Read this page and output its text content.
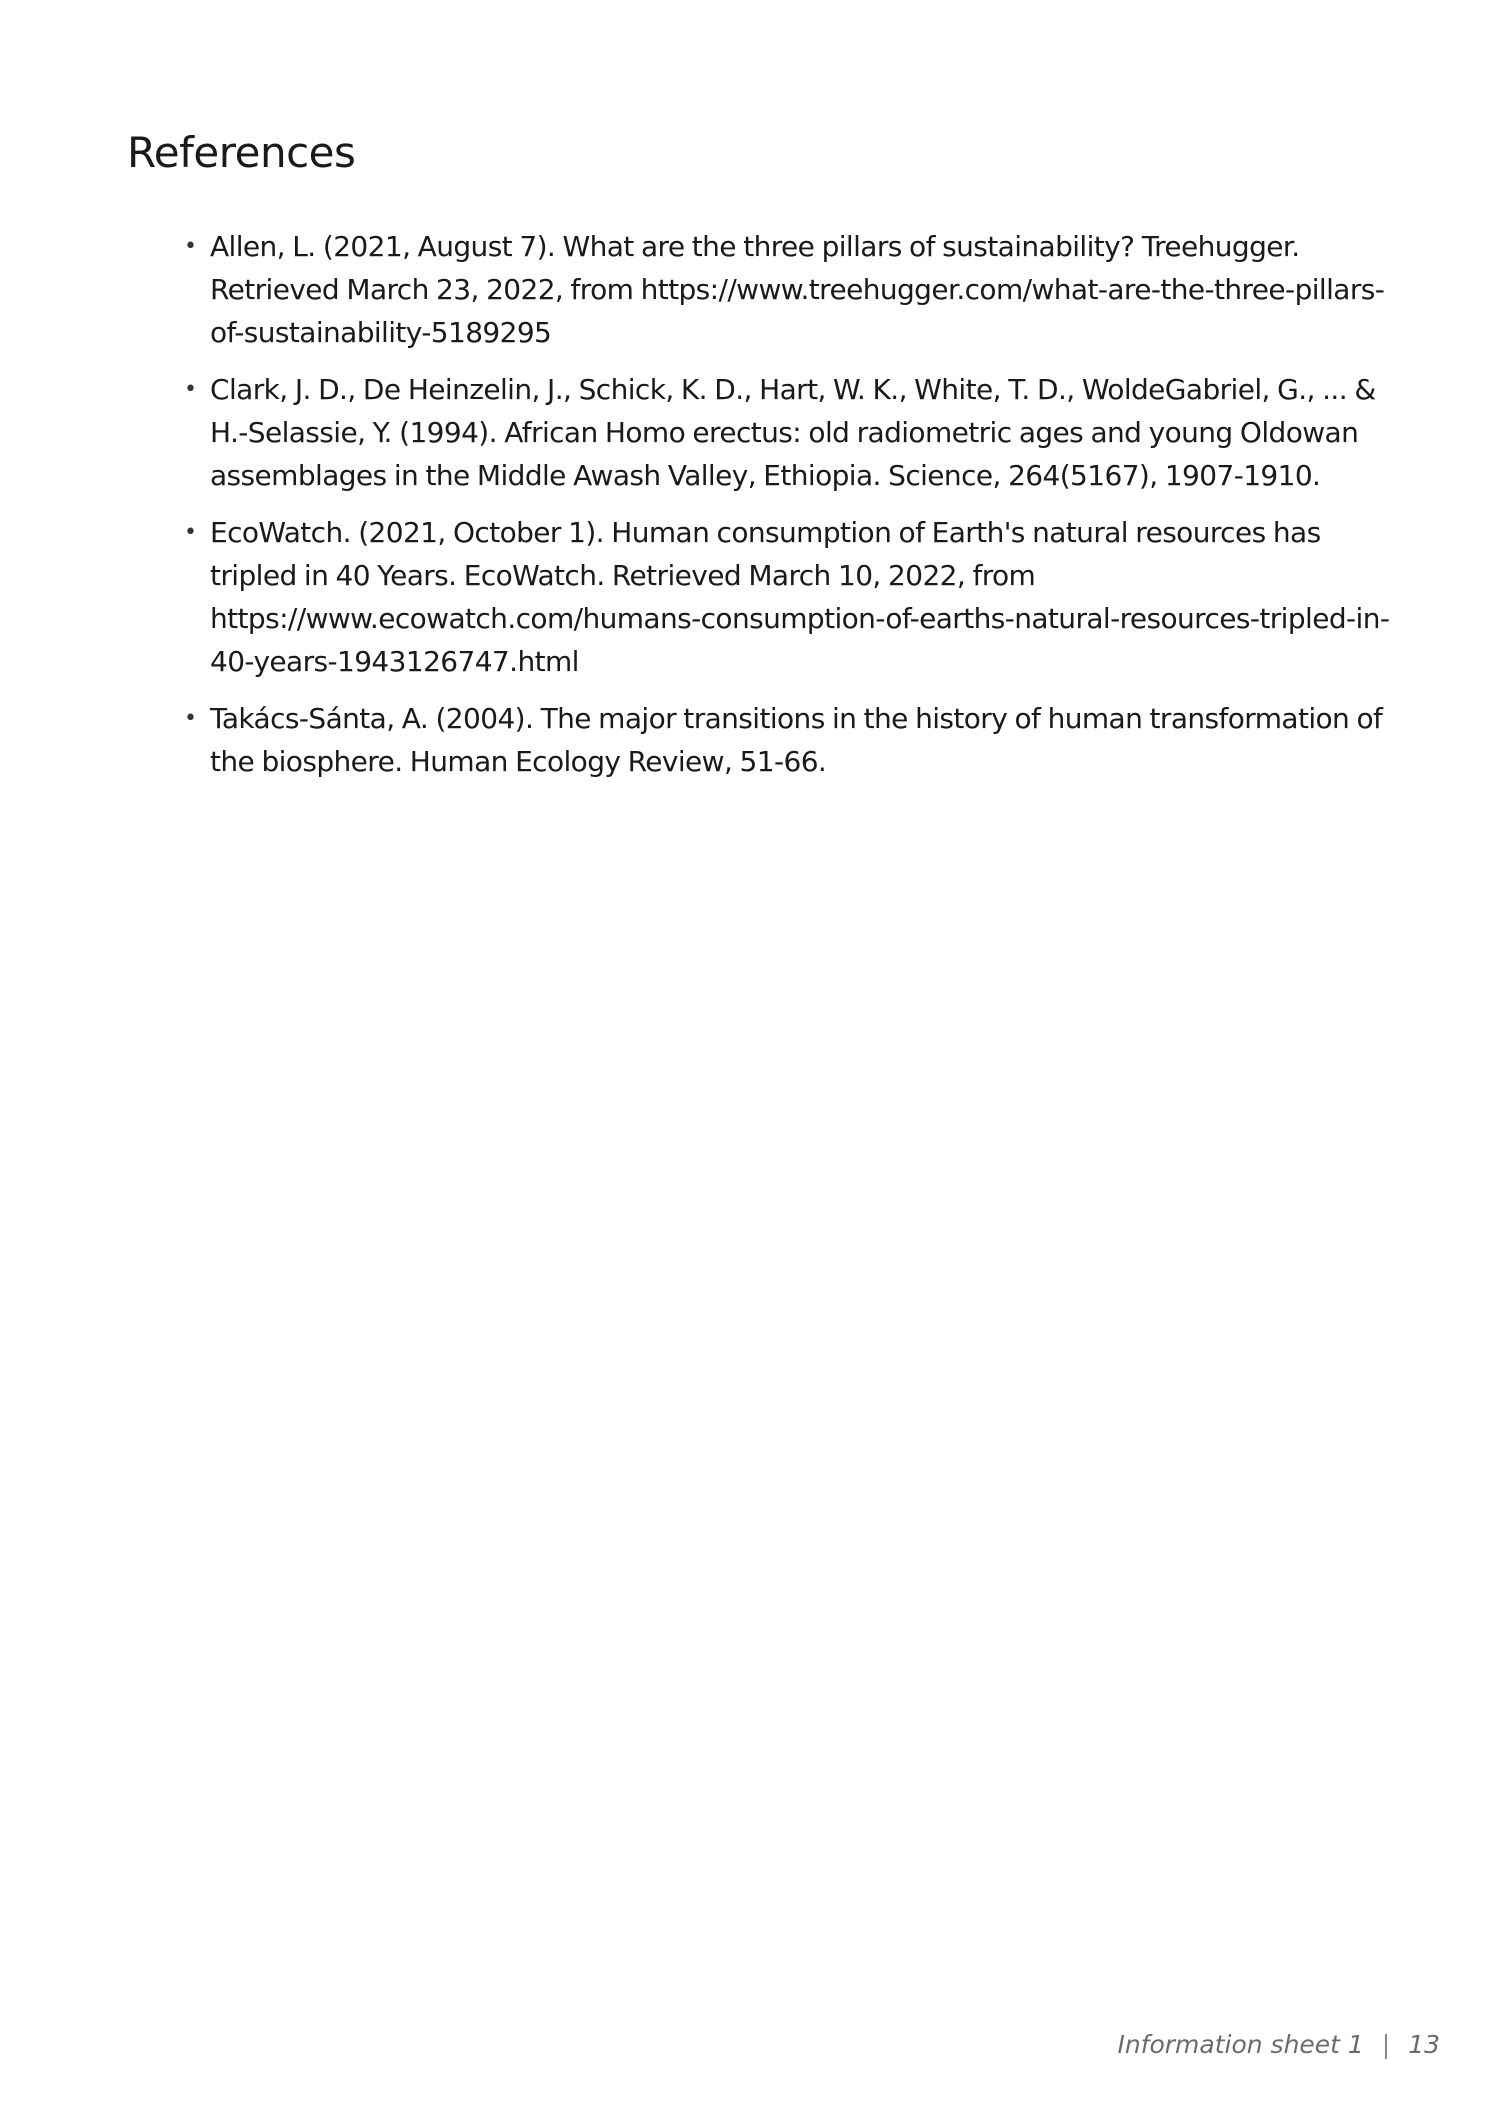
References
• Allen, L. (2021, August 7). What are the three pillars of sustainability? Treehugger. Retrieved March 23, 2022, from https://www.treehugger.com/what-are-the-three-pillars-of-sustainability-5189295
• Clark, J. D., De Heinzelin, J., Schick, K. D., Hart, W. K., White, T. D., WoldeGabriel, G., ... & H.-Selassie, Y. (1994). African Homo erectus: old radiometric ages and young Oldowan assemblages in the Middle Awash Valley, Ethiopia. Science, 264(5167), 1907-1910.
• EcoWatch. (2021, October 1). Human consumption of Earth's natural resources has tripled in 40 Years. EcoWatch. Retrieved March 10, 2022, from https://www.ecowatch.com/humans-consumption-of-earths-natural-resources-tripled-in-40-years-1943126747.html
• Takács-Sánta, A. (2004). The major transitions in the history of human transformation of the biosphere. Human Ecology Review, 51-66.
Information sheet 1 | 13
